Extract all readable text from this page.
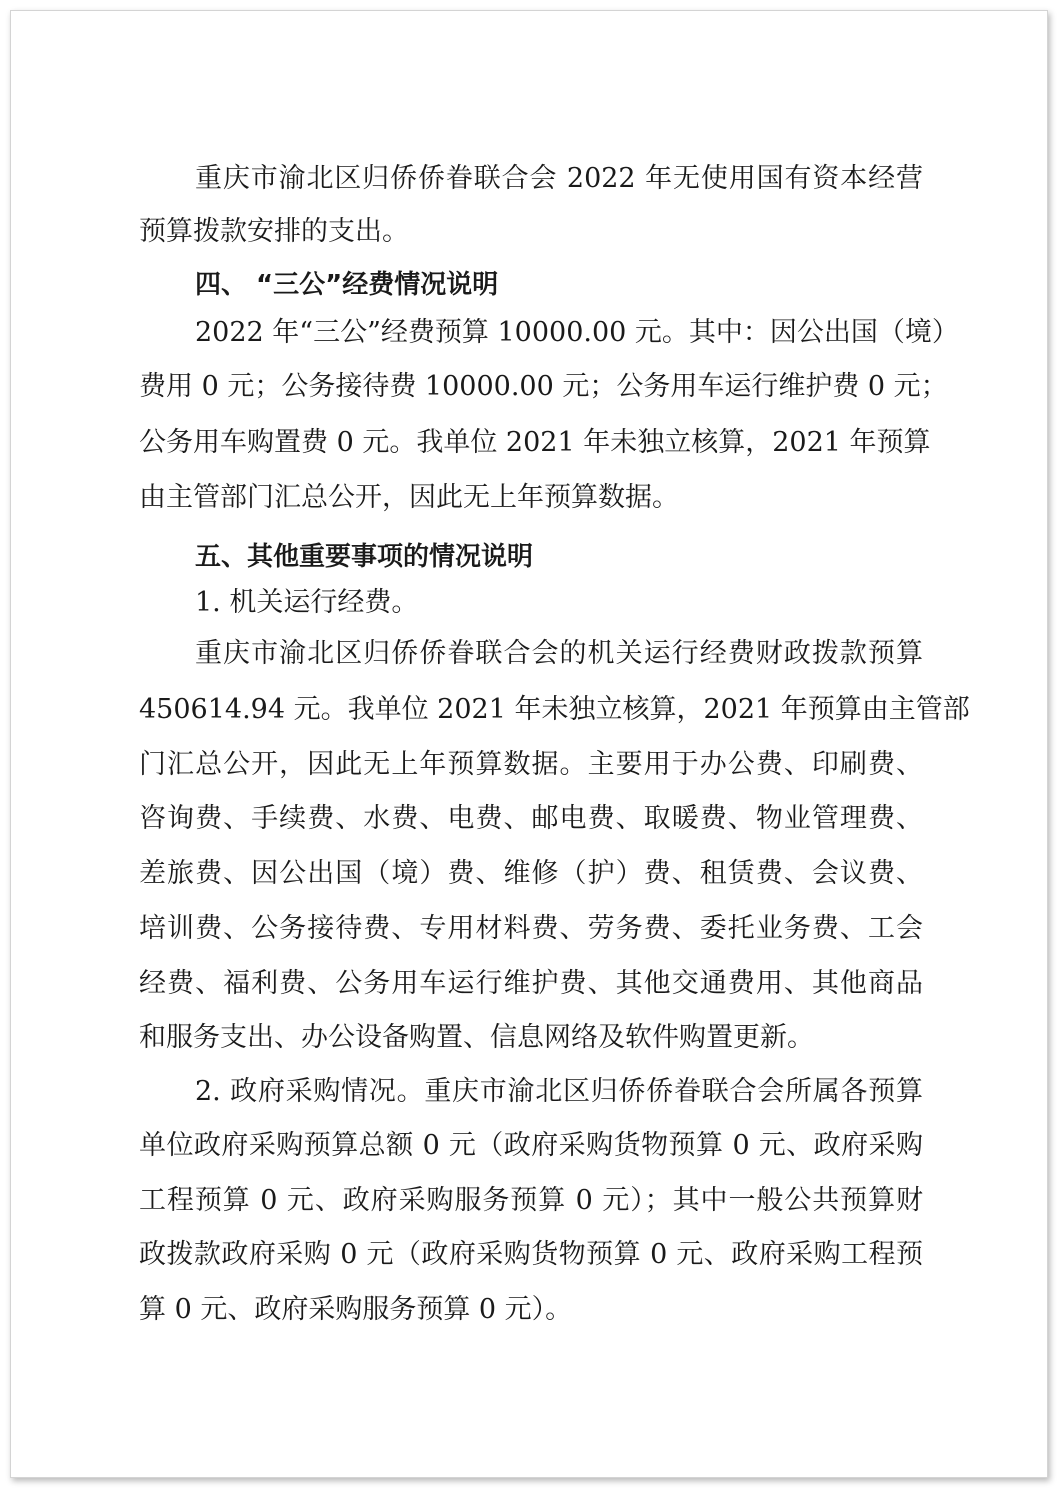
重庆市渝北区归侨侨眷联合会 2022 年无使用国有资本经营
预算拨款安排的支出。
四、 “三公”经费情况说明
2022 年“三公”经费预算 10000.00 元。其中：因公出国（境）
费用 0 元；公务接待费 10000.00 元；公务用车运行维护费 0 元；
公务用车购置费 0 元。我单位 2021 年未独立核算，2021 年预算
由主管部门汇总公开，因此无上年预算数据。
五、其他重要事项的情况说明
1. 机关运行经费。
重庆市渝北区归侨侨眷联合会的机关运行经费财政拨款预算
450614.94 元。我单位 2021 年未独立核算，2021 年预算由主管部
门汇总公开，因此无上年预算数据。主要用于办公费、印刷费、
咨询费、手续费、水费、电费、邮电费、取暖费、物业管理费、
差旅费、因公出国（境）费、维修（护）费、租赁费、会议费、
培训费、公务接待费、专用材料费、劳务费、委托业务费、工会
经费、福利费、公务用车运行维护费、其他交通费用、其他商品
和服务支出、办公设备购置、信息网络及软件购置更新。
2. 政府采购情况。重庆市渝北区归侨侨眷联合会所属各预算
单位政府采购预算总额 0 元（政府采购货物预算 0 元、政府采购
工程预算 0 元、政府采购服务预算 0 元）；其中一般公共预算财
政拨款政府采购 0 元（政府采购货物预算 0 元、政府采购工程预
算 0 元、政府采购服务预算 0 元）。
